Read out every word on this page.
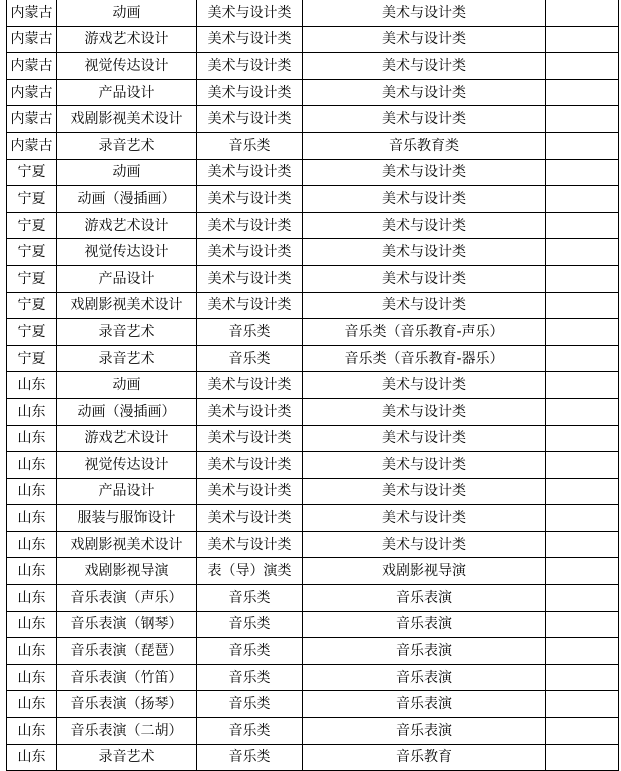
内蒙古	动画	美术与设计类	美术与设计类	
内蒙古	游戏艺术设计	美术与设计类	美术与设计类	
内蒙古	视觉传达设计	美术与设计类	美术与设计类	
内蒙古	产品设计	美术与设计类	美术与设计类	
内蒙古	戏剧影视美术设计	美术与设计类	美术与设计类	
内蒙古	录音艺术	音乐类	音乐教育类	
宁夏	动画	美术与设计类	美术与设计类	
宁夏	动画（漫插画）	美术与设计类	美术与设计类	
宁夏	游戏艺术设计	美术与设计类	美术与设计类	
宁夏	视觉传达设计	美术与设计类	美术与设计类	
宁夏	产品设计	美术与设计类	美术与设计类	
宁夏	戏剧影视美术设计	美术与设计类	美术与设计类	
宁夏	录音艺术	音乐类	音乐类（音乐教育-声乐）	
宁夏	录音艺术	音乐类	音乐类（音乐教育-器乐）	
山东	动画	美术与设计类	美术与设计类	
山东	动画（漫插画）	美术与设计类	美术与设计类	
山东	游戏艺术设计	美术与设计类	美术与设计类	
山东	视觉传达设计	美术与设计类	美术与设计类	
山东	产品设计	美术与设计类	美术与设计类	
山东	服装与服饰设计	美术与设计类	美术与设计类	
山东	戏剧影视美术设计	美术与设计类	美术与设计类	
山东	戏剧影视导演	表（导）演类	戏剧影视导演	
山东	音乐表演（声乐）	音乐类	音乐表演	
山东	音乐表演（钢琴）	音乐类	音乐表演	
山东	音乐表演（琵琶）	音乐类	音乐表演	
山东	音乐表演（竹笛）	音乐类	音乐表演	
山东	音乐表演（扬琴）	音乐类	音乐表演	
山东	音乐表演（二胡）	音乐类	音乐表演	
山东	录音艺术	音乐类	音乐教育	
